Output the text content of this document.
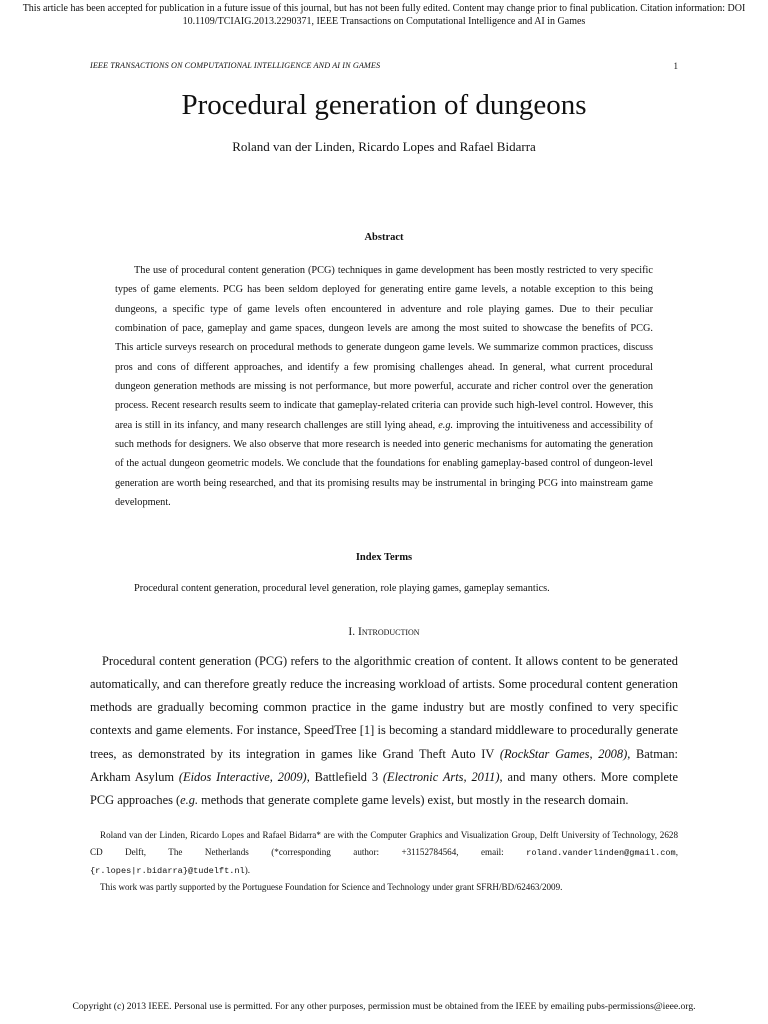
This article has been accepted for publication in a future issue of this journal, but has not been fully edited. Content may change prior to final publication. Citation information: DOI
10.1109/TCIAIG.2013.2290371, IEEE Transactions on Computational Intelligence and AI in Games
IEEE TRANSACTIONS ON COMPUTATIONAL INTELLIGENCE AND AI IN GAMES	1
Procedural generation of dungeons
Roland van der Linden, Ricardo Lopes and Rafael Bidarra
Abstract

The use of procedural content generation (PCG) techniques in game development has been mostly restricted to very specific types of game elements. PCG has been seldom deployed for generating entire game levels, a notable exception to this being dungeons, a specific type of game levels often encountered in adventure and role playing games. Due to their peculiar combination of pace, gameplay and game spaces, dungeon levels are among the most suited to showcase the benefits of PCG. This article surveys research on procedural methods to generate dungeon game levels. We summarize common practices, discuss pros and cons of different approaches, and identify a few promising challenges ahead. In general, what current procedural dungeon generation methods are missing is not performance, but more powerful, accurate and richer control over the generation process. Recent research results seem to indicate that gameplay-related criteria can provide such high-level control. However, this area is still in its infancy, and many research challenges are still lying ahead, e.g. improving the intuitiveness and accessibility of such methods for designers. We also observe that more research is needed into generic mechanisms for automating the generation of the actual dungeon geometric models. We conclude that the foundations for enabling gameplay-based control of dungeon-level generation are worth being researched, and that its promising results may be instrumental in bringing PCG into mainstream game development.

Index Terms
Procedural content generation, procedural level generation, role playing games, gameplay semantics.
I. Introduction

Procedural content generation (PCG) refers to the algorithmic creation of content. It allows content to be generated automatically, and can therefore greatly reduce the increasing workload of artists. Some procedural content generation methods are gradually becoming common practice in the game industry but are mostly confined to very specific contexts and game elements. For instance, SpeedTree [1] is becoming a standard middleware to procedurally generate trees, as demonstrated by its integration in games like Grand Theft Auto IV (RockStar Games, 2008), Batman: Arkham Asylum (Eidos Interactive, 2009), Battlefield 3 (Electronic Arts, 2011), and many others. More complete PCG approaches (e.g. methods that generate complete game levels) exist, but mostly in the research domain.

Roland van der Linden, Ricardo Lopes and Rafael Bidarra* are with the Computer Graphics and Visualization Group, Delft University of Technology, 2628 CD Delft, The Netherlands (*corresponding author: +31152784564, email:	roland.vanderlinden@gmail.com, {r.lopes|r.bidarra}@tudelft.nl).

This work was partly supported by the Portuguese Foundation for Science and Technology under grant SFRH/BD/62463/2009.

Copyright (c) 2013 IEEE. Personal use is permitted. For any other purposes, permission must be obtained from the IEEE by emailing pubs-permissions@ieee.org.
